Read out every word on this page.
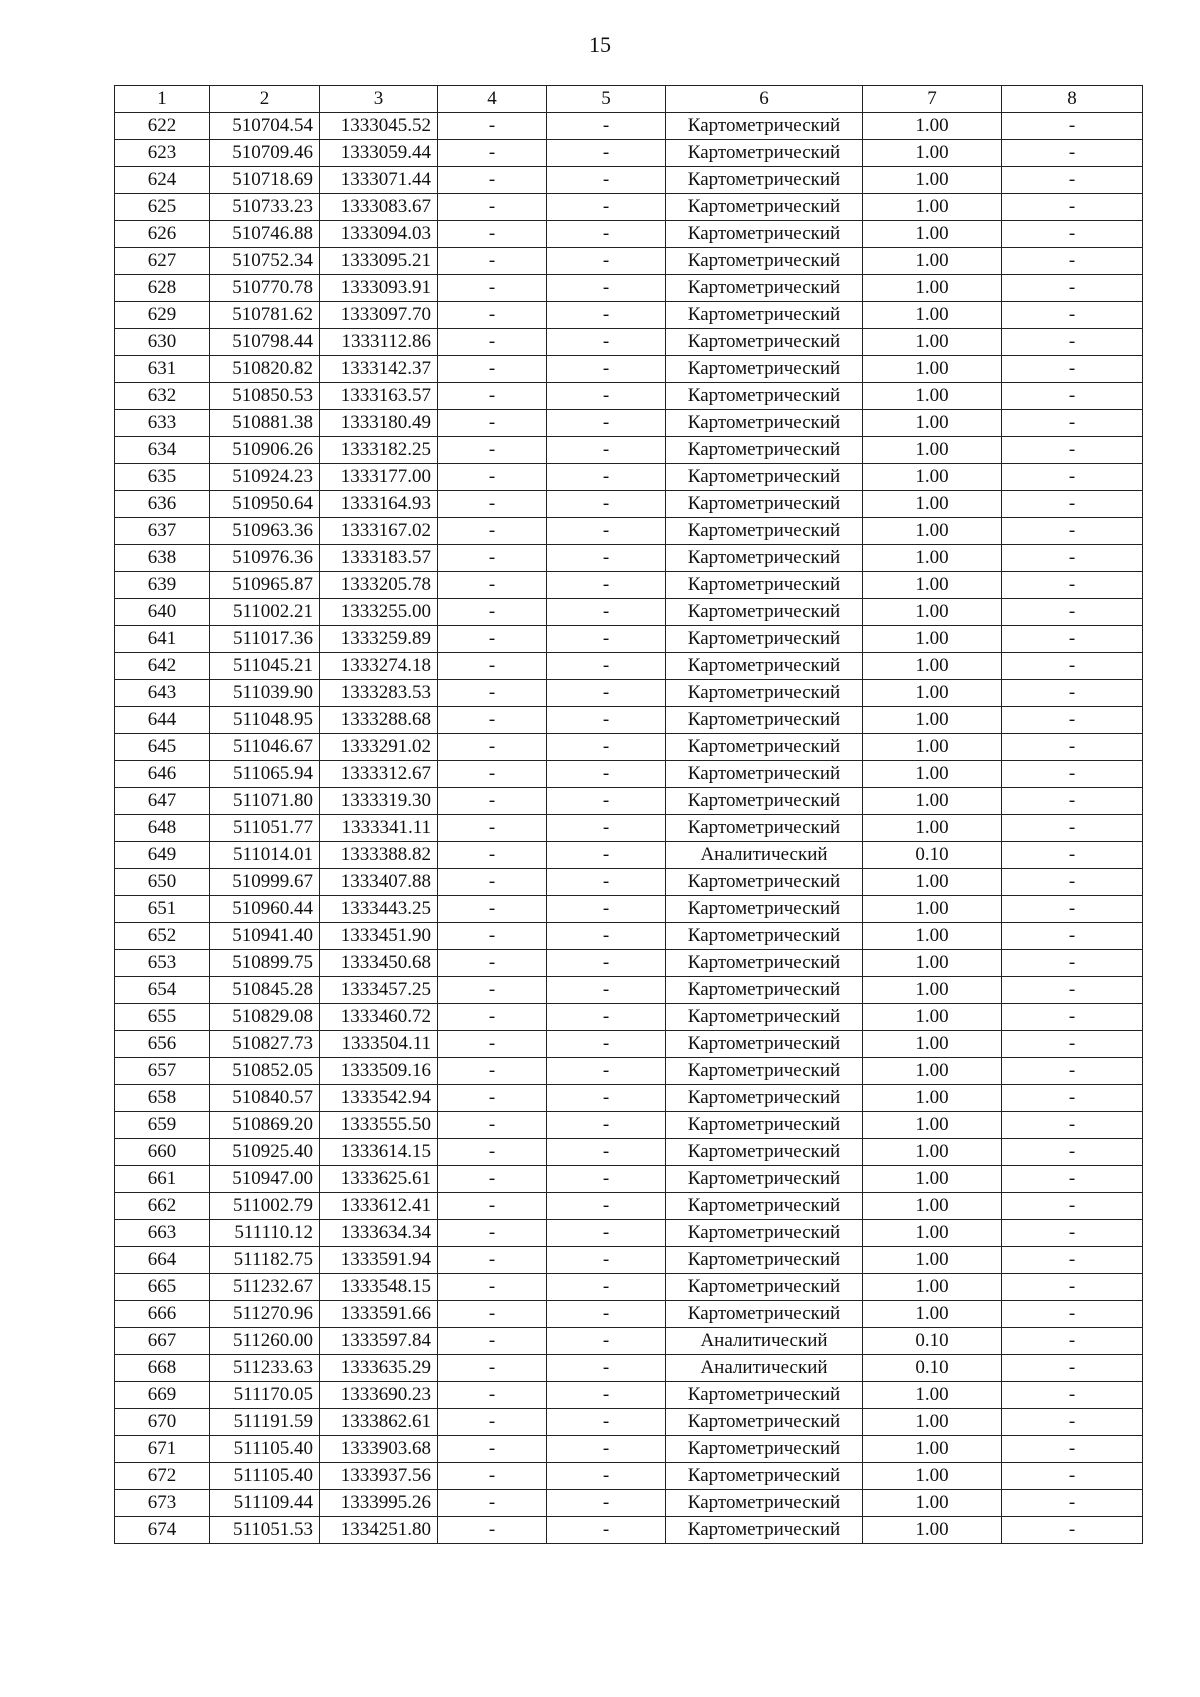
15
1	2	3	4	5	6	7	8
622	510704.54	1333045.52	-	-	Картометрический	1.00	-
623	510709.46	1333059.44	-	-	Картометрический	1.00	-
624	510718.69	1333071.44	-	-	Картометрический	1.00	-
625	510733.23	1333083.67	-	-	Картометрический	1.00	-
626	510746.88	1333094.03	-	-	Картометрический	1.00	-
627	510752.34	1333095.21	-	-	Картометрический	1.00	-
628	510770.78	1333093.91	-	-	Картометрический	1.00	-
629	510781.62	1333097.70	-	-	Картометрический	1.00	-
630	510798.44	1333112.86	-	-	Картометрический	1.00	-
631	510820.82	1333142.37	-	-	Картометрический	1.00	-
632	510850.53	1333163.57	-	-	Картометрический	1.00	-
633	510881.38	1333180.49	-	-	Картометрический	1.00	-
634	510906.26	1333182.25	-	-	Картометрический	1.00	-
635	510924.23	1333177.00	-	-	Картометрический	1.00	-
636	510950.64	1333164.93	-	-	Картометрический	1.00	-
637	510963.36	1333167.02	-	-	Картометрический	1.00	-
638	510976.36	1333183.57	-	-	Картометрический	1.00	-
639	510965.87	1333205.78	-	-	Картометрический	1.00	-
640	511002.21	1333255.00	-	-	Картометрический	1.00	-
641	511017.36	1333259.89	-	-	Картометрический	1.00	-
642	511045.21	1333274.18	-	-	Картометрический	1.00	-
643	511039.90	1333283.53	-	-	Картометрический	1.00	-
644	511048.95	1333288.68	-	-	Картометрический	1.00	-
645	511046.67	1333291.02	-	-	Картометрический	1.00	-
646	511065.94	1333312.67	-	-	Картометрический	1.00	-
647	511071.80	1333319.30	-	-	Картометрический	1.00	-
648	511051.77	1333341.11	-	-	Картометрический	1.00	-
649	511014.01	1333388.82	-	-	Аналитический	0.10	-
650	510999.67	1333407.88	-	-	Картометрический	1.00	-
651	510960.44	1333443.25	-	-	Картометрический	1.00	-
652	510941.40	1333451.90	-	-	Картометрический	1.00	-
653	510899.75	1333450.68	-	-	Картометрический	1.00	-
654	510845.28	1333457.25	-	-	Картометрический	1.00	-
655	510829.08	1333460.72	-	-	Картометрический	1.00	-
656	510827.73	1333504.11	-	-	Картометрический	1.00	-
657	510852.05	1333509.16	-	-	Картометрический	1.00	-
658	510840.57	1333542.94	-	-	Картометрический	1.00	-
659	510869.20	1333555.50	-	-	Картометрический	1.00	-
660	510925.40	1333614.15	-	-	Картометрический	1.00	-
661	510947.00	1333625.61	-	-	Картометрический	1.00	-
662	511002.79	1333612.41	-	-	Картометрический	1.00	-
663	511110.12	1333634.34	-	-	Картометрический	1.00	-
664	511182.75	1333591.94	-	-	Картометрический	1.00	-
665	511232.67	1333548.15	-	-	Картометрический	1.00	-
666	511270.96	1333591.66	-	-	Картометрический	1.00	-
667	511260.00	1333597.84	-	-	Аналитический	0.10	-
668	511233.63	1333635.29	-	-	Аналитический	0.10	-
669	511170.05	1333690.23	-	-	Картометрический	1.00	-
670	511191.59	1333862.61	-	-	Картометрический	1.00	-
671	511105.40	1333903.68	-	-	Картометрический	1.00	-
672	511105.40	1333937.56	-	-	Картометрический	1.00	-
673	511109.44	1333995.26	-	-	Картометрический	1.00	-
674	511051.53	1334251.80	-	-	Картометрический	1.00	-
